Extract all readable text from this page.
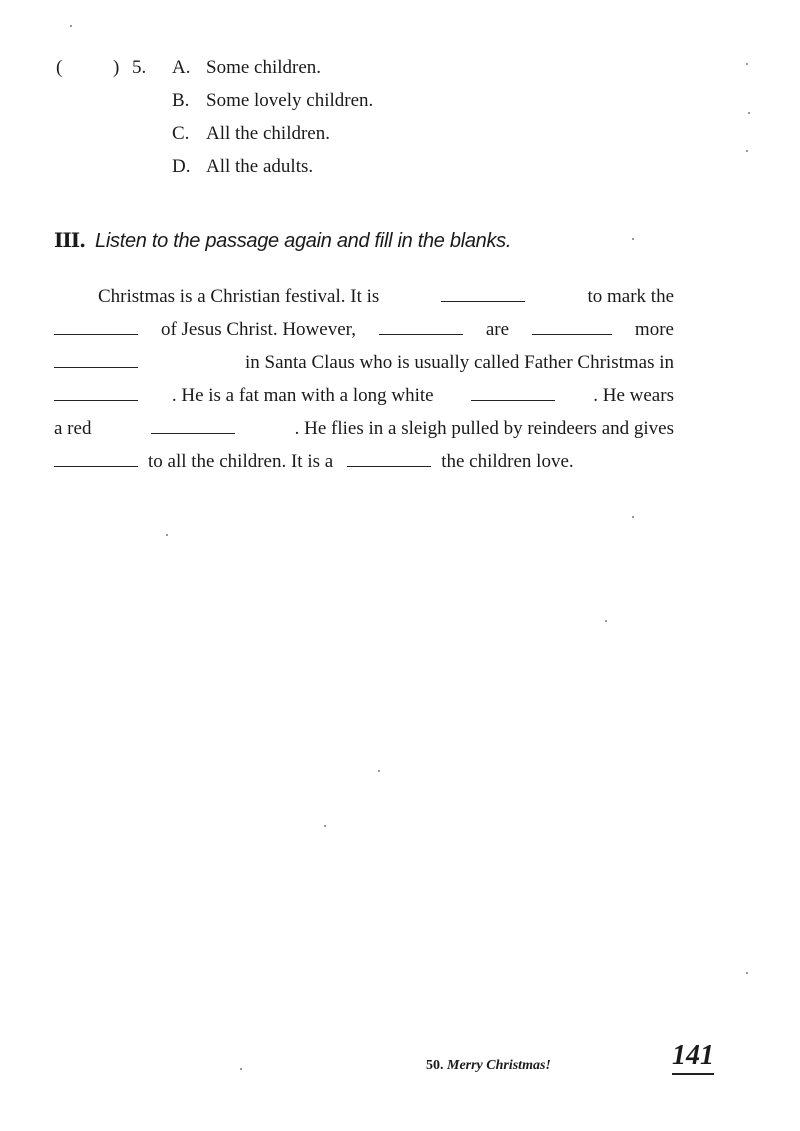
(	) 5. A. Some children.
B. Some lovely children.
C. All the children.
D. All the adults.
III. Listen to the passage again and fill in the blanks.
Christmas is a Christian festival. It is	to mark the
of Jesus Christ. However,	are	more
in Santa Claus who is usually called Father Christmas in
. He is a fat man with a long white	. He wears
a red	. He flies in a sleigh pulled by reindeers and gives
to all the children. It is a	the children love.
50. Merry Christmas!	141
